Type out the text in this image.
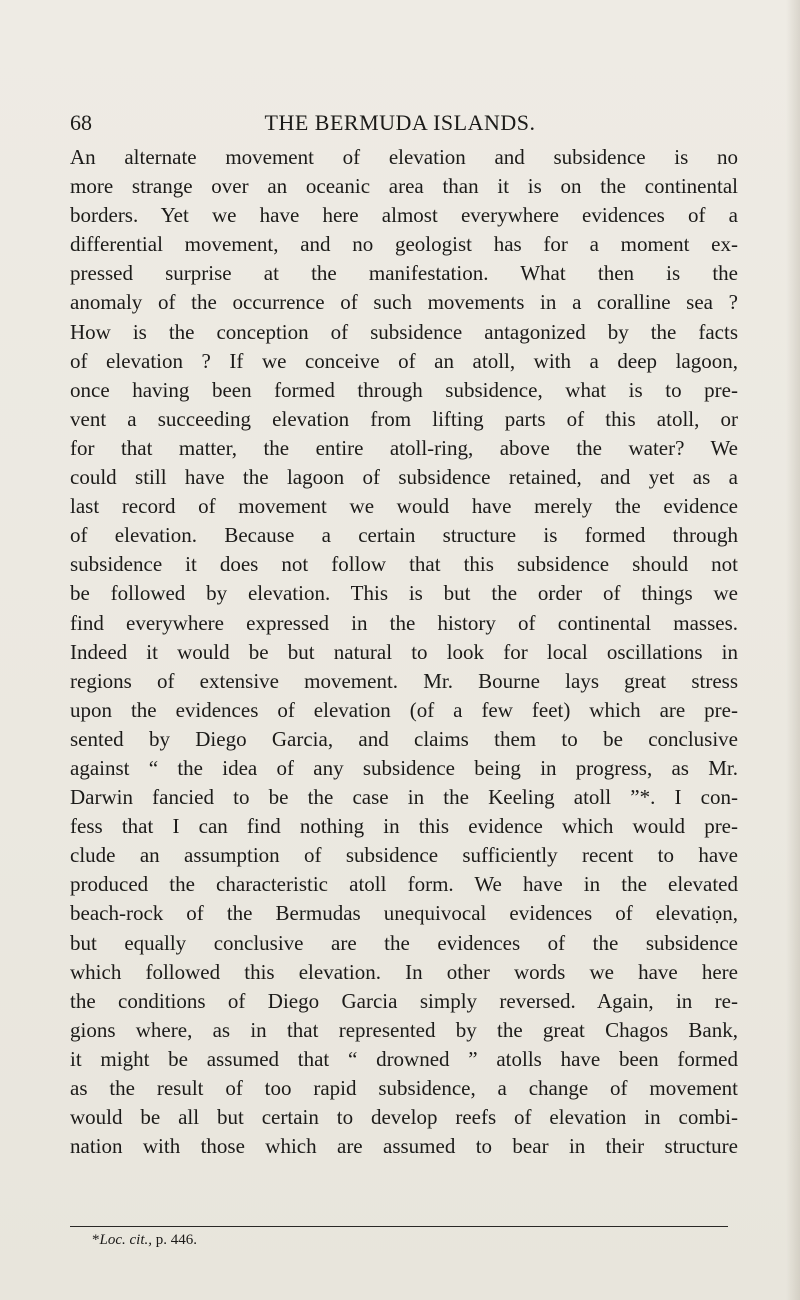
68	THE BERMUDA ISLANDS.
An alternate movement of elevation and subsidence is no
more strange over an oceanic area than it is on the continental
borders. Yet we have here almost everywhere evidences of a
differential movement, and no geologist has for a moment ex-
pressed surprise at the manifestation. What then is the
anomaly of the occurrence of such movements in a coralline sea ?
How is the conception of subsidence antagonized by the facts
of elevation ? If we conceive of an atoll, with a deep lagoon,
once having been formed through subsidence, what is to pre-
vent a succeeding elevation from lifting parts of this atoll, or
for that matter, the entire atoll-ring, above the water? We
could still have the lagoon of subsidence retained, and yet as a
last record of movement we would have merely the evidence
of elevation. Because a certain structure is formed through
subsidence it does not follow that this subsidence should not
be followed by elevation. This is but the order of things we
find everywhere expressed in the history of continental masses.
Indeed it would be but natural to look for local oscillations in
regions of extensive movement. Mr. Bourne lays great stress
upon the evidences of elevation (of a few feet) which are pre-
sented by Diego Garcia, and claims them to be conclusive
against “ the idea of any subsidence being in progress, as Mr.
Darwin fancied to be the case in the Keeling atoll ”*. I con-
fess that I can find nothing in this evidence which would pre-
clude an assumption of subsidence sufficiently recent to have
produced the characteristic atoll form. We have in the elevated
beach-rock of the Bermudas unequivocal evidences of elevatiọn,
but equally conclusive are the evidences of the subsidence
which followed this elevation. In other words we have here
the conditions of Diego Garcia simply reversed. Again, in re-
gions where, as in that represented by the great Chagos Bank,
it might be assumed that “ drowned ” atolls have been formed
as the result of too rapid subsidence, a change of movement
would be all but certain to develop reefs of elevation in combi-
nation with those which are assumed to bear in their structure
*Loc. cit., p. 446.
